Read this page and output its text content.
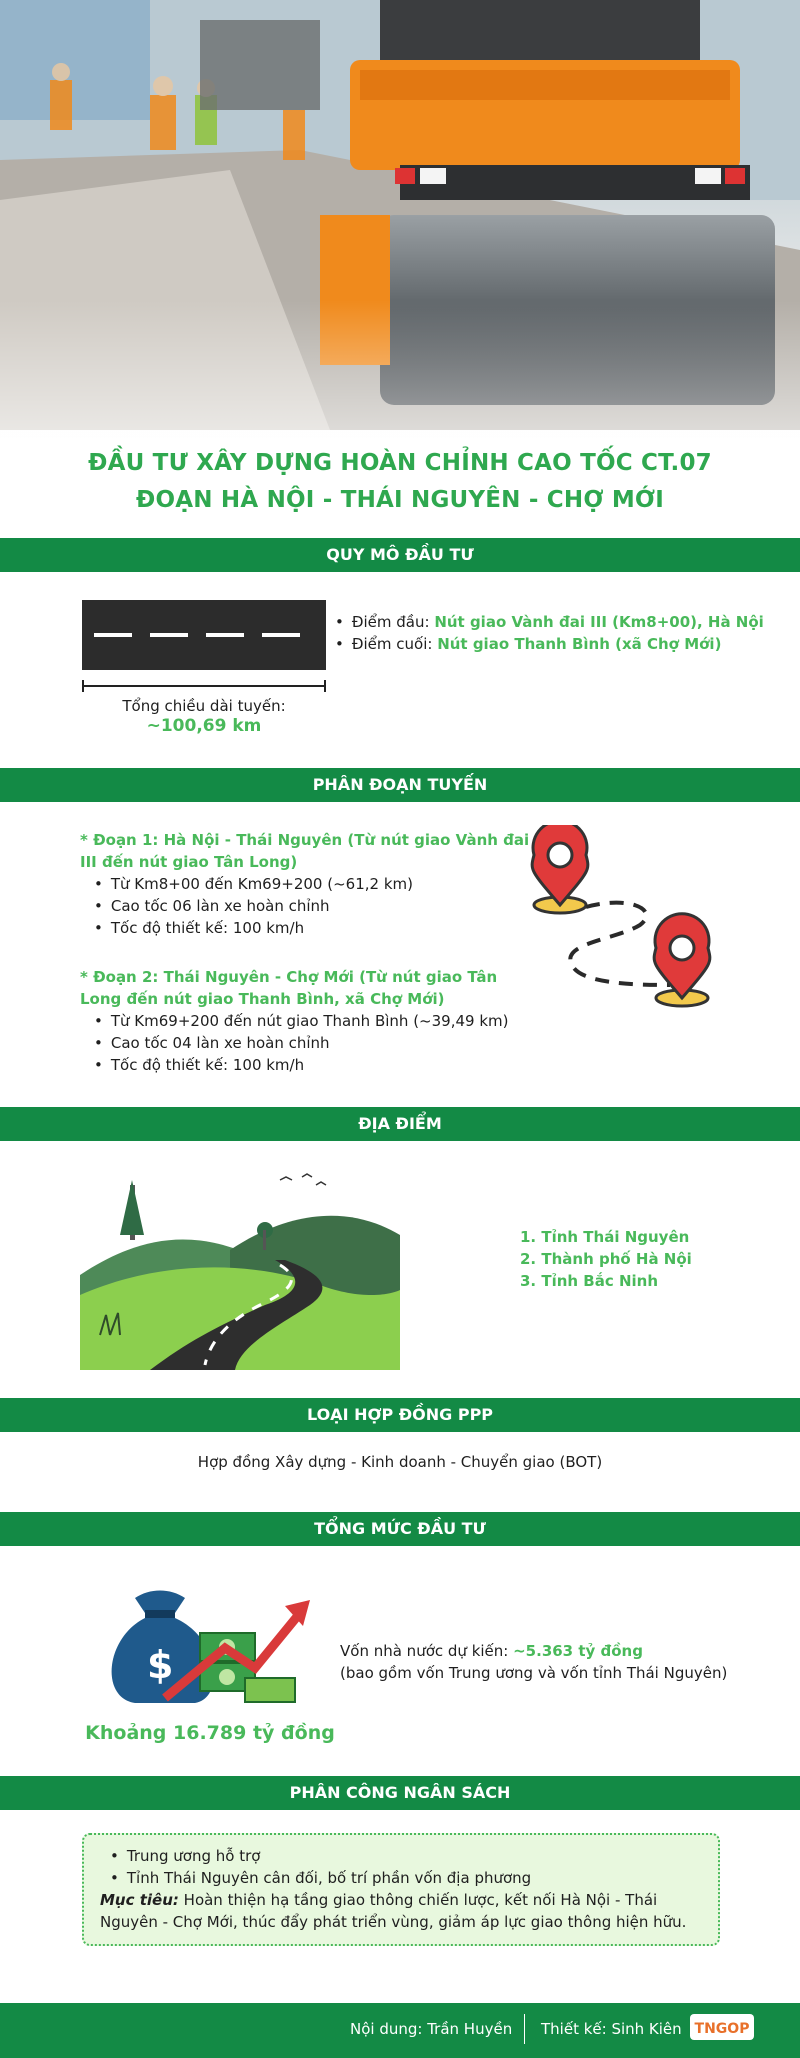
ĐẦU TƯ XÂY DỰNG HOÀN CHỈNH CAO TỐC CT.07
ĐOẠN HÀ NỘI - THÁI NGUYÊN - CHỢ MỚI
QUY MÔ ĐẦU TƯ
Tổng chiều dài tuyến:
~100,69 km
• Điểm đầu: Nút giao Vành đai III (Km8+00), Hà Nội
• Điểm cuối: Nút giao Thanh Bình (xã Chợ Mới)
PHÂN ĐOẠN TUYẾN
* Đoạn 1: Hà Nội - Thái Nguyên (Từ nút giao Vành đai III đến nút giao Tân Long)
• Từ Km8+00 đến Km69+200 (~61,2 km)
• Cao tốc 06 làn xe hoàn chỉnh
• Tốc độ thiết kế: 100 km/h
* Đoạn 2: Thái Nguyên - Chợ Mới (Từ nút giao Tân Long đến nút giao Thanh Bình, xã Chợ Mới)
• Từ Km69+200 đến nút giao Thanh Bình (~39,49 km)
• Cao tốc 04 làn xe hoàn chỉnh
• Tốc độ thiết kế: 100 km/h
ĐỊA ĐIỂM
1. Tỉnh Thái Nguyên
2. Thành phố Hà Nội
3. Tỉnh Bắc Ninh
LOẠI HỢP ĐỒNG PPP
Hợp đồng Xây dựng - Kinh doanh - Chuyển giao (BOT)
TỔNG MỨC ĐẦU TƯ
$
Khoảng 16.789 tỷ đồng
Vốn nhà nước dự kiến: ~5.363 tỷ đồng
(bao gồm vốn Trung ương và vốn tỉnh Thái Nguyên)
PHÂN CÔNG NGÂN SÁCH
• Trung ương hỗ trợ
• Tỉnh Thái Nguyên cân đối, bố trí phần vốn địa phương
Mục tiêu: Hoàn thiện hạ tầng giao thông chiến lược, kết nối Hà Nội - Thái Nguyên - Chợ Mới, thúc đẩy phát triển vùng, giảm áp lực giao thông hiện hữu.
Nội dung: Trần Huyền Thiết kế: Sinh Kiên TNGOP
